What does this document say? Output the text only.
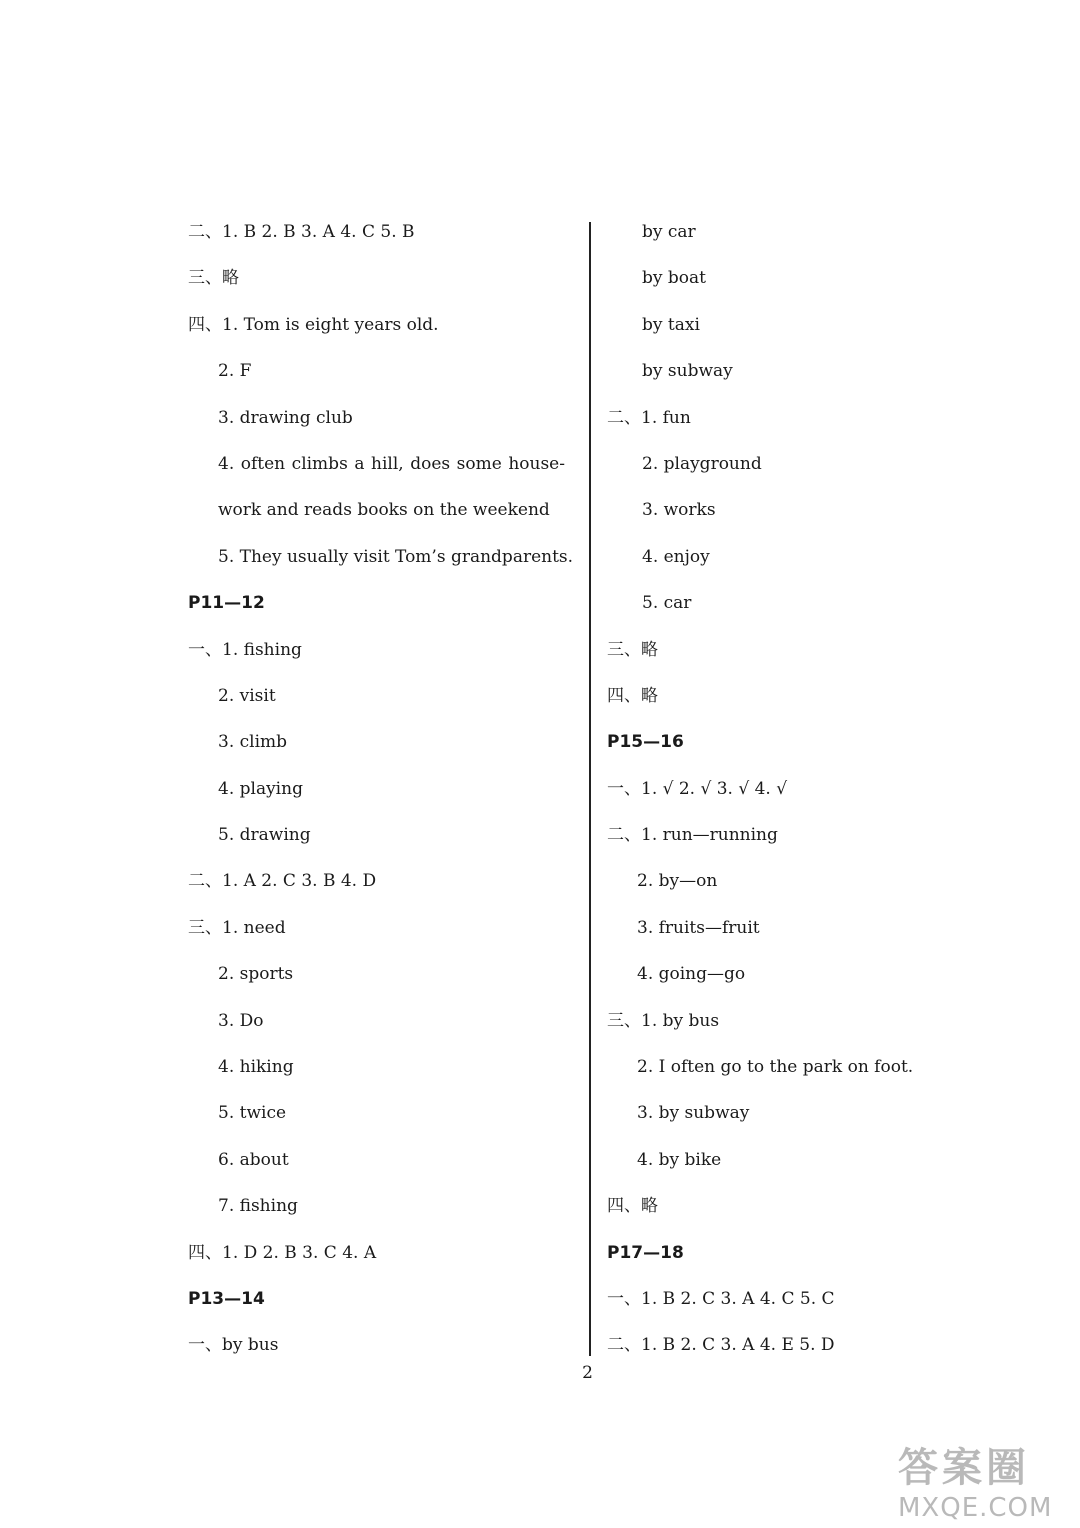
二、1. B 2. B 3. A 4. C 5. B
三、略
四、1. Tom is eight years old.
2. F
3. drawing club
4. often climbs a hill, does some house-
work and reads books on the weekend
5. They usually visit Tom’s grandparents.
P11—12
一、1. fishing
2. visit
3. climb
4. playing
5. drawing
二、1. A 2. C 3. B 4. D
三、1. need
2. sports
3. Do
4. hiking
5. twice
6. about
7. fishing
四、1. D 2. B 3. C 4. A
P13—14
一、by bus
by car
by boat
by taxi
by subway
二、1. fun
2. playground
3. works
4. enjoy
5. car
三、略
四、略
P15—16
一、1. √ 2. √ 3. √ 4. √
二、1. run—running
2. by—on
3. fruits—fruit
4. going—go
三、1. by bus
2. I often go to the park on foot.
3. by subway
4. by bike
四、略
P17—18
一、1. B 2. C 3. A 4. C 5. C
二、1. B 2. C 3. A 4. E 5. D
2
答案圈
MXQE.COM
